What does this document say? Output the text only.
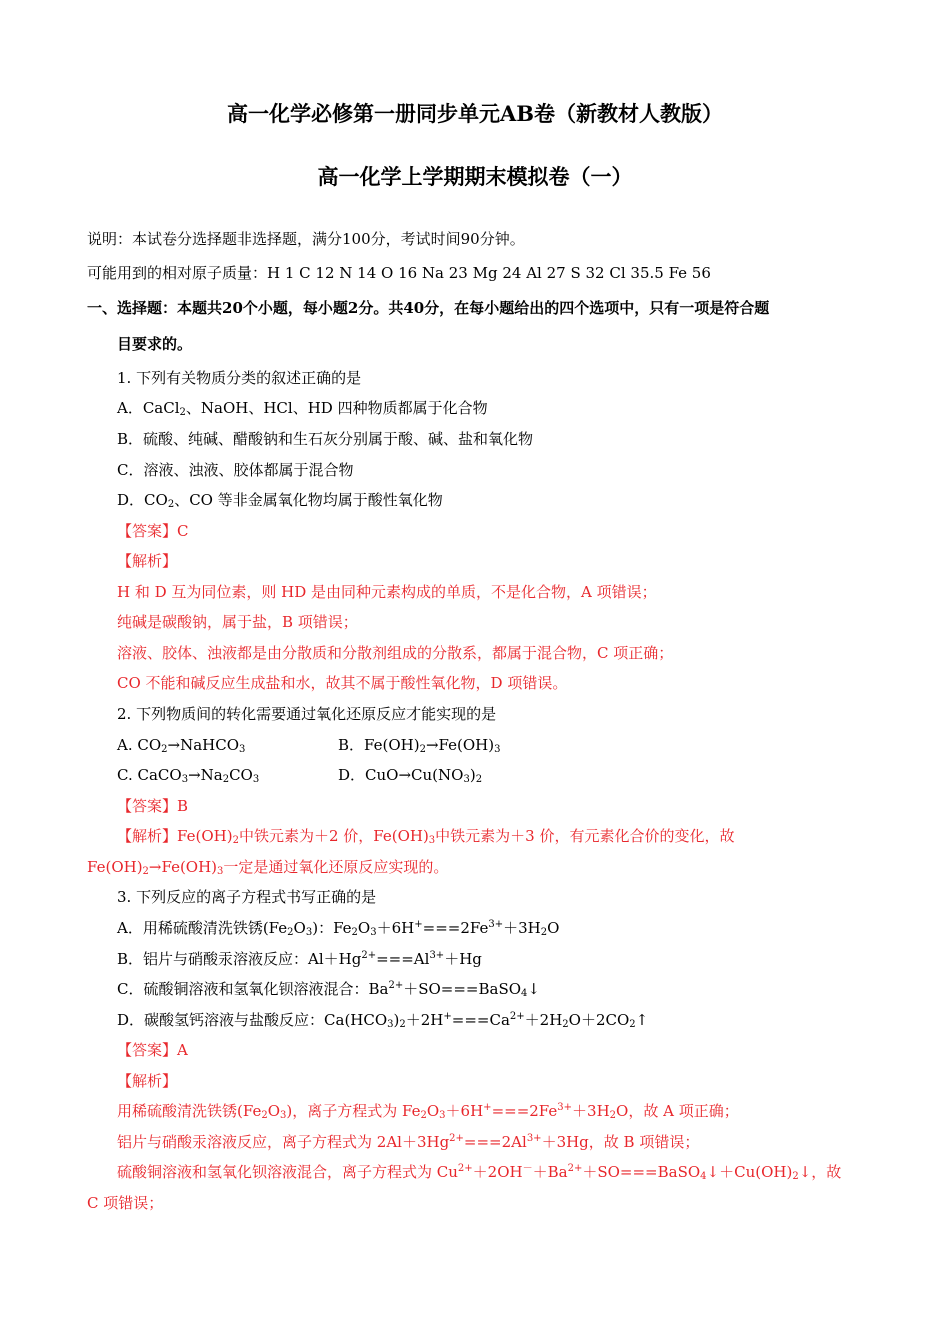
高一化学必修第一册同步单元AB卷（新教材人教版）
高一化学上学期期末模拟卷（一）
说明：本试卷分选择题非选择题，满分100分，考试时间90分钟。
可能用到的相对原子质量：H 1 C 12 N 14 O 16 Na 23 Mg 24 Al 27 S 32 Cl 35.5 Fe 56
一、选择题：本题共20个小题，每小题2分。共40分，在每小题给出的四个选项中，只有一项是符合题
目要求的。
1. 下列有关物质分类的叙述正确的是
A．CaCl$_2$、NaOH、HCl、HD 四种物质都属于化合物
B．硫酸、纯碱、醋酸钠和生石灰分别属于酸、碱、盐和氧化物
C．溶液、浊液、胶体都属于混合物
D．$CO_2$、CO 等非金属氧化物均属于酸性氧化物
【答案】C
【解析】
H 和 D 互为同位素，则 HD 是由同种元素构成的单质，不是化合物，A 项错误；
纯碱是碳酸钠，属于盐，B 项错误；
溶液、胶体、浊液都是由分散质和分散剂组成的分散系，都属于混合物，C 项正确；
CO 不能和碱反应生成盐和水，故其不属于酸性氧化物，D 项错误。
2. 下列物质间的转化需要通过氧化还原反应才能实现的是
A. $CO_2\to NaHCO_3$	B．$Fe(OH)_2\to Fe(OH)_3$
C. $CaCO_3\to Na_2CO_3$	D．$CuO\to Cu(NO_3)_2$
【答案】B
【解析】$Fe(OH)_2$中铁元素为＋2 价，$Fe(OH)_3$中铁元素为＋3 价，有元素化合价的变化，故
$Fe(OH)_2\to Fe(OH)_3$一定是通过氧化还原反应实现的。
3. 下列反应的离子方程式书写正确的是
A．用稀硫酸清洗铁锈$(Fe_2O_3)$：$Fe_2O_3+6H^+===2Fe^{3+}+3H_2O$
B．铝片与硝酸汞溶液反应：$Al+Hg^{2+}===Al^{3+}+Hg$
C．硫酸铜溶液和氢氧化钡溶液混合：$Ba^{2+}+SO===BaSO_4↓$
D．碳酸氢钙溶液与盐酸反应：$Ca(HCO_3)_2+2H^+===Ca^{2+}+2H_2O+2CO_2↑$
【答案】A
【解析】
用稀硫酸清洗铁锈$(Fe_2O_3)$，离子方程式为 $Fe_2O_3+6H^+===2Fe^{3+}+3H_2O$，故 A 项正确；
铝片与硝酸汞溶液反应，离子方程式为 $2Al+3Hg^{2+}===2Al^{3+}+3Hg$，故 B 项错误；
硫酸铜溶液和氢氧化钡溶液混合，离子方程式为 $Cu^{2+}+2OH^-+Ba^{2+}+SO===BaSO_4↓+Cu(OH)_2↓$，故
C 项错误；
